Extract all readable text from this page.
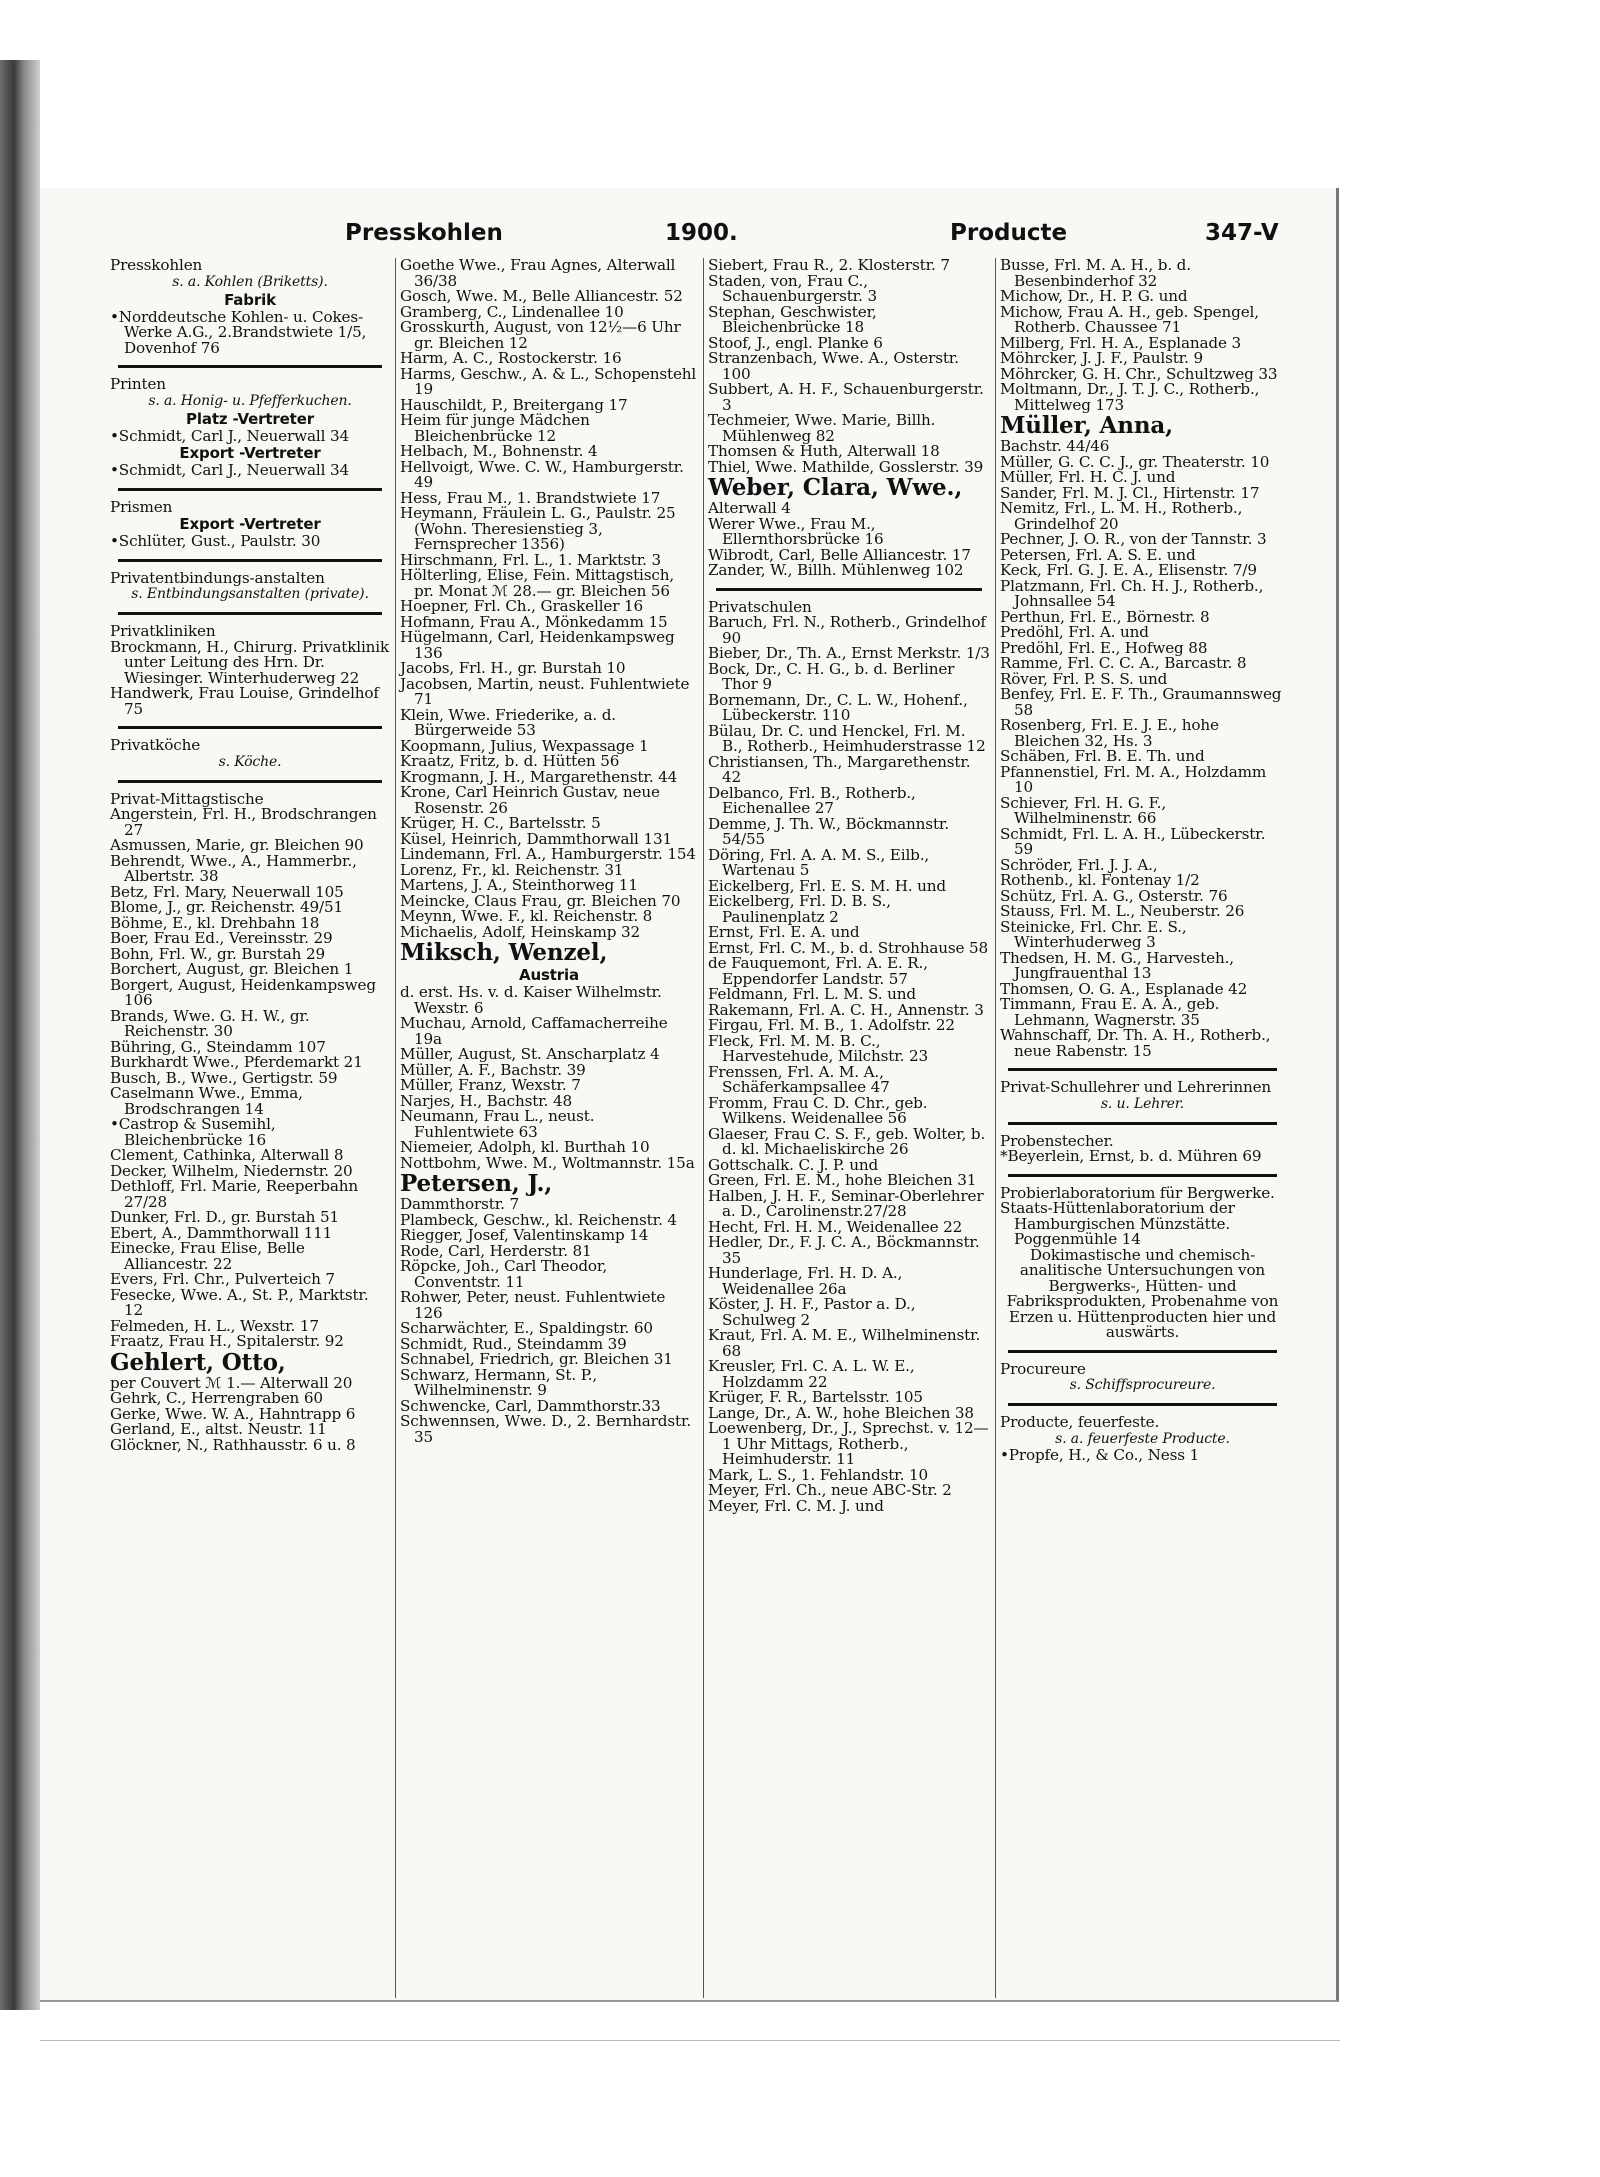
Presskohlen	1900.	Producte	347-V
Presskohlen
s. a. Kohlen (Briketts).
Fabrik
•Norddeutsche Kohlen- u. Cokes-Werke A.G., 2.Brandstwiete 1/5, Dovenhof 76
Printen
s. a. Honig- u. Pfefferkuchen.
Platz -Vertreter
•Schmidt, Carl J., Neuerwall 34
Export -Vertreter
•Schmidt, Carl J., Neuerwall 34
Prismen
Export -Vertreter
•Schlüter, Gust., Paulstr. 30
Privatentbindungs-anstalten
s. Entbindungsanstalten (private).
Privatkliniken
Brockmann, H., Chirurg. Privatklinik unter Leitung des Hrn. Dr. Wiesinger. Winterhuderweg 22
Handwerk, Frau Louise, Grindelhof 75
Privatköche
s. Köche.
Privat-Mittagstische
Angerstein, Frl. H., Brodschrangen 27
Asmussen, Marie, gr. Bleichen 90
Behrendt, Wwe., A., Hammerbr., Albertstr. 38
Betz, Frl. Mary, Neuerwall 105
Blome, J., gr. Reichenstr. 49/51
Böhme, E., kl. Drehbahn 18
Boer, Frau Ed., Vereinsstr. 29
Bohn, Frl. W., gr. Burstah 29
Borchert, August, gr. Bleichen 1
Borgert, August, Heidenkampsweg 106
Brands, Wwe. G. H. W., gr. Reichenstr. 30
Bühring, G., Steindamm 107
Burkhardt Wwe., Pferdemarkt 21
Busch, B., Wwe., Gertigstr. 59
Caselmann Wwe., Emma, Brodschrangen 14
•Castrop & Susemihl, Bleichenbrücke 16
Clement, Cathinka, Alterwall 8
Decker, Wilhelm, Niedernstr. 20
Dethloff, Frl. Marie, Reeperbahn 27/28
Dunker, Frl. D., gr. Burstah 51
Ebert, A., Dammthorwall 111
Einecke, Frau Elise, Belle Alliancestr. 22
Evers, Frl. Chr., Pulverteich 7
Fesecke, Wwe. A., St. P., Marktstr. 12
Felmeden, H. L., Wexstr. 17
Fraatz, Frau H., Spitalerstr. 92
Gehlert, Otto,
per Couvert ℳ 1.— Alterwall 20
Gehrk, C., Herrengraben 60
Gerke, Wwe. W. A., Hahntrapp 6
Gerland, E., altst. Neustr. 11
Glöckner, N., Rathhausstr. 6 u. 8
Goethe Wwe., Frau Agnes, Alterwall 36/38
Gosch, Wwe. M., Belle Alliancestr. 52
Gramberg, C., Lindenallee 10
Grosskurth, August, von 12½—6 Uhr gr. Bleichen 12
Harm, A. C., Rostockerstr. 16
Harms, Geschw., A. & L., Schopenstehl 19
Hauschildt, P., Breitergang 17
Heim für junge Mädchen Bleichenbrücke 12
Helbach, M., Bohnenstr. 4
Hellvoigt, Wwe. C. W., Hamburgerstr. 49
Hess, Frau M., 1. Brandstwiete 17
Heymann, Fräulein L. G., Paulstr. 25 (Wohn. Theresienstieg 3, Fernsprecher 1356)
Hirschmann, Frl. L., 1. Marktstr. 3
Hölterling, Elise, Fein. Mittagstisch, pr. Monat ℳ 28.— gr. Bleichen 56
Hoepner, Frl. Ch., Graskeller 16
Hofmann, Frau A., Mönkedamm 15
Hügelmann, Carl, Heidenkampsweg 136
Jacobs, Frl. H., gr. Burstah 10
Jacobsen, Martin, neust. Fuhlentwiete 71
Klein, Wwe. Friederike, a. d. Bürgerweide 53
Koopmann, Julius, Wexpassage 1
Kraatz, Fritz, b. d. Hütten 56
Krogmann, J. H., Margarethenstr. 44
Krone, Carl Heinrich Gustav, neue Rosenstr. 26
Krüger, H. C., Bartelsstr. 5
Küsel, Heinrich, Dammthorwall 131
Lindemann, Frl. A., Hamburgerstr. 154
Lorenz, Fr., kl. Reichenstr. 31
Martens, J. A., Steinthorweg 11
Meincke, Claus Frau, gr. Bleichen 70
Meynn, Wwe. F., kl. Reichenstr. 8
Michaelis, Adolf, Heinskamp 32
Miksch, Wenzel,
Austria
d. erst. Hs. v. d. Kaiser Wilhelmstr. Wexstr. 6
Muchau, Arnold, Caffamacherreihe 19a
Müller, August, St. Anscharplatz 4
Müller, A. F., Bachstr. 39
Müller, Franz, Wexstr. 7
Narjes, H., Bachstr. 48
Neumann, Frau L., neust. Fuhlentwiete 63
Niemeier, Adolph, kl. Burthah 10
Nottbohm, Wwe. M., Woltmannstr. 15a
Petersen, J.,
Dammthorstr. 7
Plambeck, Geschw., kl. Reichenstr. 4
Riegger, Josef, Valentinskamp 14
Rode, Carl, Herderstr. 81
Röpcke, Joh., Carl Theodor, Conventstr. 11
Rohwer, Peter, neust. Fuhlentwiete 126
Scharwächter, E., Spaldingstr. 60
Schmidt, Rud., Steindamm 39
Schnabel, Friedrich, gr. Bleichen 31
Schwarz, Hermann, St. P., Wilhelminenstr. 9
Schwencke, Carl, Dammthorstr.33
Schwennsen, Wwe. D., 2. Bernhardstr. 35
Siebert, Frau R., 2. Klosterstr. 7
Staden, von, Frau C., Schauenburgerstr. 3
Stephan, Geschwister, Bleichenbrücke 18
Stoof, J., engl. Planke 6
Stranzenbach, Wwe. A., Osterstr. 100
Subbert, A. H. F., Schauenburgerstr. 3
Techmeier, Wwe. Marie, Billh. Mühlenweg 82
Thomsen & Huth, Alterwall 18
Thiel, Wwe. Mathilde, Gosslerstr. 39
Weber, Clara, Wwe.,
Alterwall 4
Werer Wwe., Frau M., Ellernthorsbrücke 16
Wibrodt, Carl, Belle Alliancestr. 17
Zander, W., Billh. Mühlenweg 102
Privatschulen
Baruch, Frl. N., Rotherb., Grindelhof 90
Bieber, Dr., Th. A., Ernst Merkstr. 1/3
Bock, Dr., C. H. G., b. d. Berliner Thor 9
Bornemann, Dr., C. L. W., Hohenf., Lübeckerstr. 110
Bülau, Dr. C. und Henckel, Frl. M. B., Rotherb., Heimhuderstrasse 12
Christiansen, Th., Margarethenstr. 42
Delbanco, Frl. B., Rotherb., Eichenallee 27
Demme, J. Th. W., Böckmannstr. 54/55
Döring, Frl. A. A. M. S., Eilb., Wartenau 5
Eickelberg, Frl. E. S. M. H. und
Eickelberg, Frl. D. B. S., Paulinenplatz 2
Ernst, Frl. E. A. und
Ernst, Frl. C. M., b. d. Strohhause 58
de Fauquemont, Frl. A. E. R., Eppendorfer Landstr. 57
Feldmann, Frl. L. M. S. und
Rakemann, Frl. A. C. H., Annenstr. 3
Firgau, Frl. M. B., 1. Adolfstr. 22
Fleck, Frl. M. M. B. C., Harvestehude, Milchstr. 23
Frenssen, Frl. A. M. A., Schäferkampsallee 47
Fromm, Frau C. D. Chr., geb. Wilkens. Weidenallee 56
Glaeser, Frau C. S. F., geb. Wolter, b. d. kl. Michaeliskirche 26
Gottschalk. C. J. P. und
Green, Frl. E. M., hohe Bleichen 31
Halben, J. H. F., Seminar-Oberlehrer a. D., Carolinenstr.27/28
Hecht, Frl. H. M., Weidenallee 22
Hedler, Dr., F. J. C. A., Böckmannstr. 35
Hunderlage, Frl. H. D. A., Weidenallee 26a
Köster, J. H. F., Pastor a. D., Schulweg 2
Kraut, Frl. A. M. E., Wilhelminenstr. 68
Kreusler, Frl. C. A. L. W. E., Holzdamm 22
Krüger, F. R., Bartelsstr. 105
Lange, Dr., A. W., hohe Bleichen 38
Loewenberg, Dr., J., Sprechst. v. 12—1 Uhr Mittags, Rotherb., Heimhuderstr. 11
Mark, L. S., 1. Fehlandstr. 10
Meyer, Frl. Ch., neue ABC-Str. 2
Meyer, Frl. C. M. J. und
Busse, Frl. M. A. H., b. d. Besenbinderhof 32
Michow, Dr., H. P. G. und
Michow, Frau A. H., geb. Spengel, Rotherb. Chaussee 71
Milberg, Frl. H. A., Esplanade 3
Möhrcker, J. J. F., Paulstr. 9
Möhrcker, G. H. Chr., Schultzweg 33
Moltmann, Dr., J. T. J. C., Rotherb., Mittelweg 173
Müller, Anna,
Bachstr. 44/46
Müller, G. C. C. J., gr. Theaterstr. 10
Müller, Frl. H. C. J. und
Sander, Frl. M. J. Cl., Hirtenstr. 17
Nemitz, Frl., L. M. H., Rotherb., Grindelhof 20
Pechner, J. O. R., von der Tannstr. 3
Petersen, Frl. A. S. E. und
Keck, Frl. G. J. E. A., Elisenstr. 7/9
Platzmann, Frl. Ch. H. J., Rotherb., Johnsallee 54
Perthun, Frl. E., Börnestr. 8
Predöhl, Frl. A. und
Predöhl, Frl. E., Hofweg 88
Ramme, Frl. C. C. A., Barcastr. 8
Röver, Frl. P. S. S. und
Benfey, Frl. E. F. Th., Graumannsweg 58
Rosenberg, Frl. E. J. E., hohe Bleichen 32, Hs. 3
Schäben, Frl. B. E. Th. und
Pfannenstiel, Frl. M. A., Holzdamm 10
Schiever, Frl. H. G. F., Wilhelminenstr. 66
Schmidt, Frl. L. A. H., Lübeckerstr. 59
Schröder, Frl. J. J. A.,
Rothenb., kl. Fontenay 1/2
Schütz, Frl. A. G., Osterstr. 76
Stauss, Frl. M. L., Neuberstr. 26
Steinicke, Frl. Chr. E. S., Winterhuderweg 3
Thedsen, H. M. G., Harvesteh., Jungfrauenthal 13
Thomsen, O. G. A., Esplanade 42
Timmann, Frau E. A. A., geb. Lehmann, Wagnerstr. 35
Wahnschaff, Dr. Th. A. H., Rotherb., neue Rabenstr. 15
Privat-Schullehrer und Lehrerinnen
s. u. Lehrer.
Probenstecher.
*Beyerlein, Ernst, b. d. Mühren 69
Probierlaboratorium für Bergwerke.
Staats-Hüttenlaboratorium der Hamburgischen Münzstätte. Poggenmühle 14
Dokimastische und chemisch-analitische Untersuchungen von Bergwerks-, Hütten- und Fabriksprodukten, Probenahme von Erzen u. Hüttenproducten hier und auswärts.
Procureure
s. Schiffsprocureure.
Producte, feuerfeste.
s. a. feuerfeste Producte.
•Propfe, H., & Co., Ness 1
